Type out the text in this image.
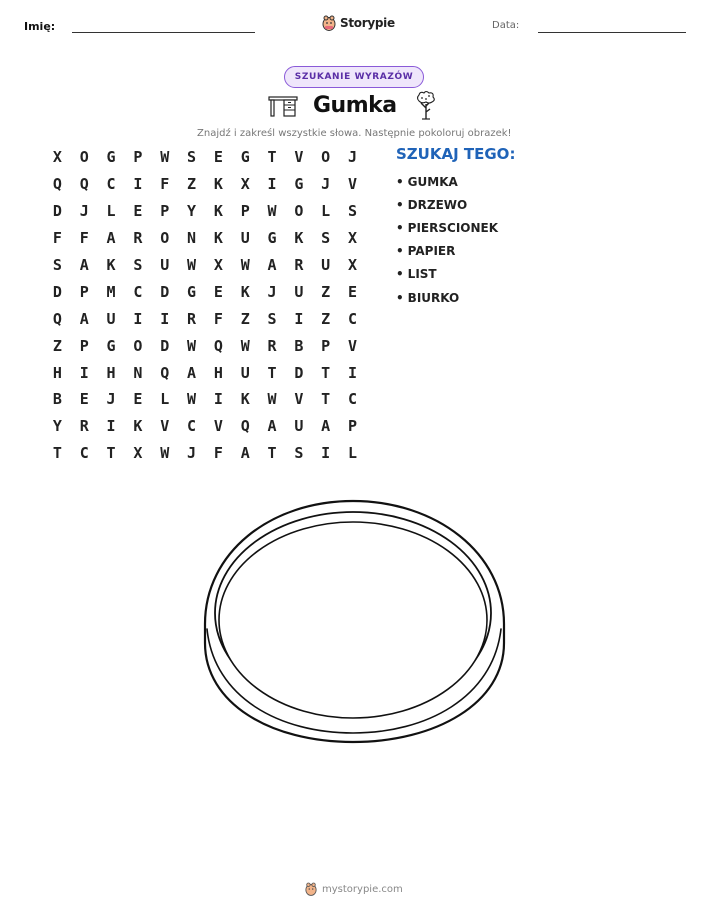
Imię:	Storypie	Data:
SZUKANIE WYRAZÓW
Gumka
Znajdź i zakreśl wszystkie słowa. Następnie pokoloruj obrazek!
X	O	G	P	W	S	E	G	T	V	O	J
Q	Q	C	I	F	Z	K	X	I	G	J	V
D	J	L	E	P	Y	K	P	W	O	L	S
F	F	A	R	O	N	K	U	G	K	S	X
S	A	K	S	U	W	X	W	A	R	U	X
D	P	M	C	D	G	E	K	J	U	Z	E
Q	A	U	I	I	R	F	Z	S	I	Z	C
Z	P	G	O	D	W	Q	W	R	B	P	V
H	I	H	N	Q	A	H	U	T	D	T	I
B	E	J	E	L	W	I	K	W	V	T	C
Y	R	I	K	V	C	V	Q	A	U	A	P
T	C	T	X	W	J	F	A	T	S	I	L
SZUKAJ TEGO:
• GUMKA
• DRZEWO
• PIERSCIONEK
• PAPIER
• LIST
• BIURKO
mystorypie.com
